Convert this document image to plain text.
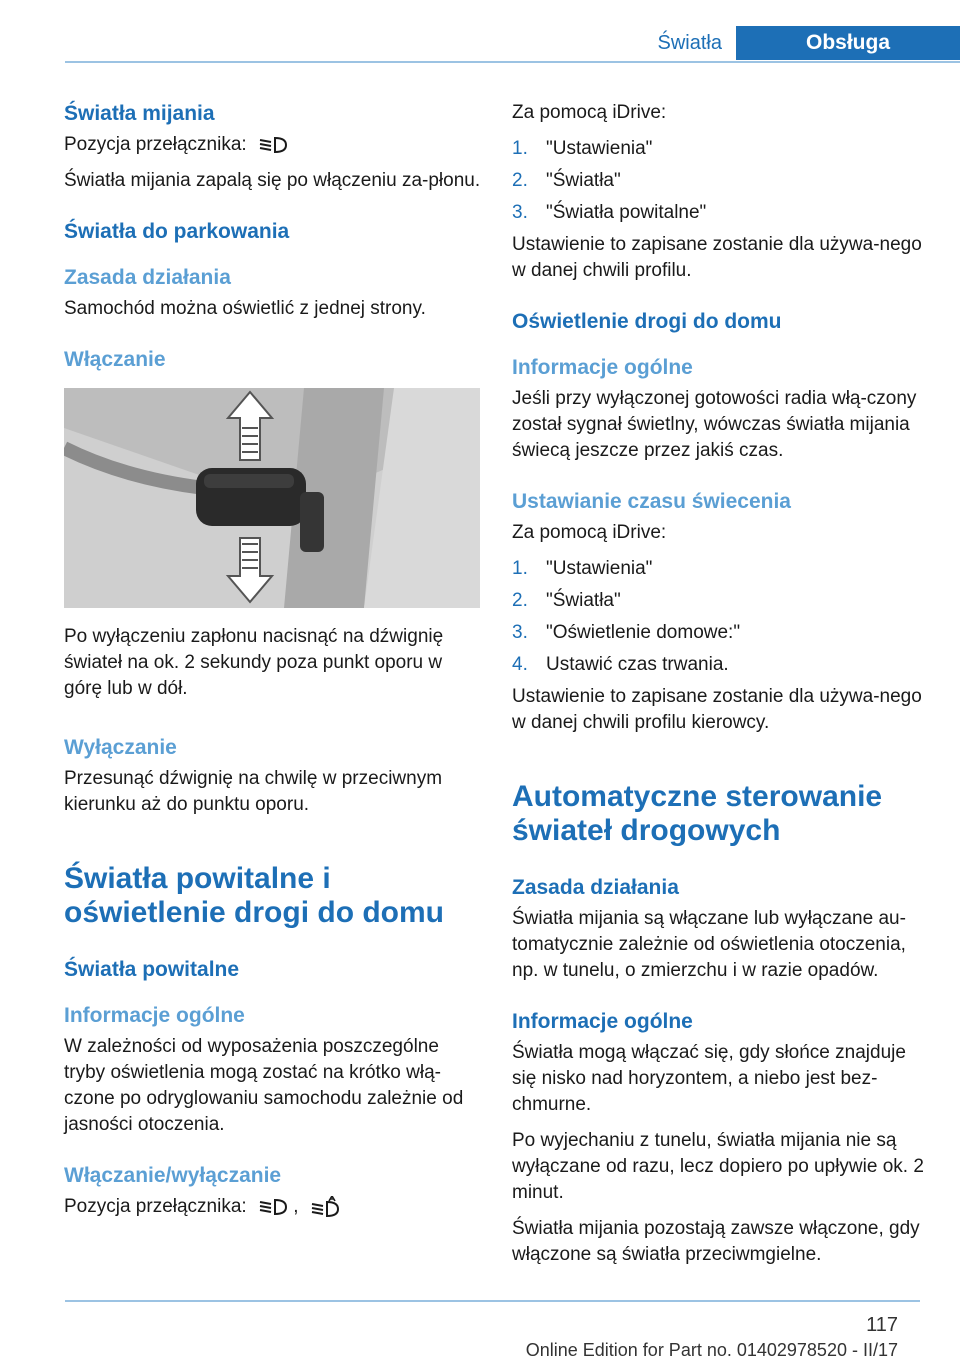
Światła	Obsługa
Światła mijania

Pozycja przełącznika:

Światła mijania zapalą się po włączeniu za‐płonu.

Światła do parkowania
Zasada działania

Samochód można oświetlić z jednej strony.

Włączanie

Po wyłączeniu zapłonu nacisnąć na dźwignię świateł na ok. 2 sekundy poza punkt oporu w górę lub w dół.

Wyłączanie

Przesunąć dźwignię na chwilę w przeciwnym kierunku aż do punktu oporu.

Światła powitalne i oświetlenie drogi do domu
Światła powitalne
Informacje ogólne

W zależności od wyposażenia poszczególne tryby oświetlenia mogą zostać na krótko włą‐czone po odryglowaniu samochodu zależnie od jasności otoczenia.

Włączanie/wyłączanie

Pozycja przełącznika: ,

Za pomocą iDrive:

1. "Ustawienia"
2. "Światła"
3. "Światła powitalne"

Ustawienie to zapisane zostanie dla używa‐nego w danej chwili profilu.

Oświetlenie drogi do domu
Informacje ogólne

Jeśli przy wyłączonej gotowości radia włą‐czony został sygnał świetlny, wówczas światła mijania świecą jeszcze przez jakiś czas.

Ustawianie czasu świecenia

Za pomocą iDrive:

1. "Ustawienia"
2. "Światła"
3. "Oświetlenie domowe:"
4. Ustawić czas trwania.

Ustawienie to zapisane zostanie dla używa‐nego w danej chwili profilu kierowcy.

Automatyczne sterowanie świateł drogowych
Zasada działania

Światła mijania są włączane lub wyłączane au‐tomatycznie zależnie od oświetlenia otoczenia, np. w tunelu, o zmierzchu i w razie opadów.

Informacje ogólne

Światła mogą włączać się, gdy słońce znajduje się nisko nad horyzontem, a niebo jest bez‐chmurne.

Po wyjechaniu z tunelu, światła mijania nie są wyłączane od razu, lecz dopiero po upływie ok. 2 minut.

Światła mijania pozostają zawsze włączone, gdy włączone są światła przeciwmgielne.

117
Online Edition for Part no. 01402978520 - II/17
